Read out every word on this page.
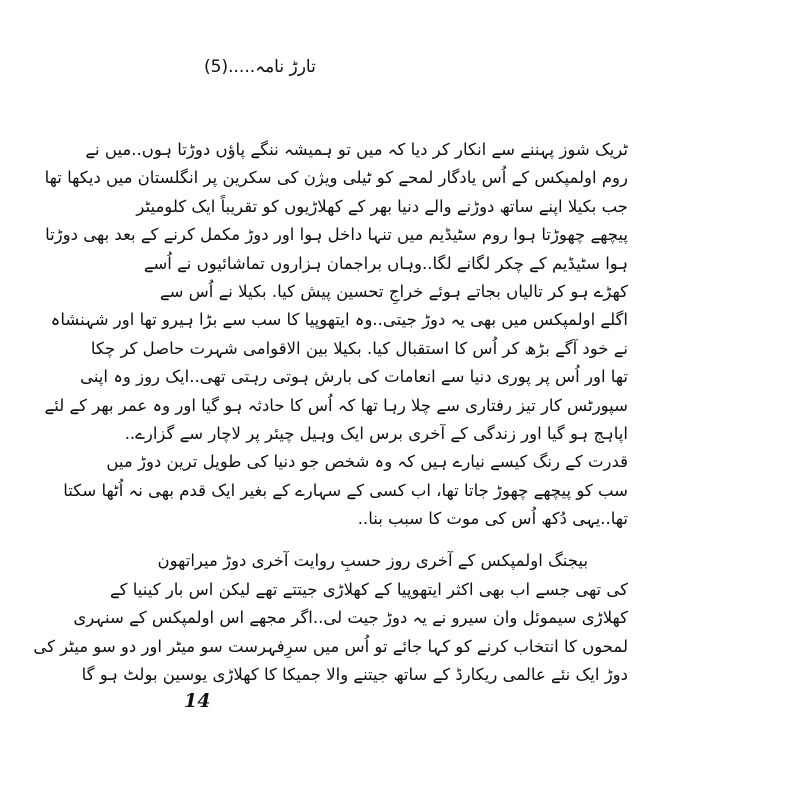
تارڑ نامہ.....(5)
ٹریک شوز پہننے سے انکار کر دیا کہ میں تو ہمیشہ ننگے پاؤں دوڑتا ہوں..میں نے
روم اولمپکس کے اُس یادگار لمحے کو ٹیلی ویژن کی سکرین پر انگلستان میں دیکھا تھا
جب بکیلا اپنے ساتھ دوڑنے والے دنیا بھر کے کھلاڑیوں کو تقریباً ایک کلومیٹر
پیچھے چھوڑتا ہوا روم سٹیڈیم میں تنہا داخل ہوا اور دوڑ مکمل کرنے کے بعد بھی دوڑتا
ہوا سٹیڈیم کے چکر لگانے لگا..وہاں براجمان ہزاروں تماشائیوں نے اُسے
کھڑے ہو کر تالیاں بجاتے ہوئے خراجِ تحسین پیش کیا. بکیلا نے اُس سے
اگلے اولمپکس میں بھی یہ دوڑ جیتی..وہ ایتھوپیا کا سب سے بڑا ہیرو تھا اور شہنشاہ
نے خود آگے بڑھ کر اُس کا استقبال کیا. بکیلا بین الاقوامی شہرت حاصل کر چکا
تھا اور اُس پر پوری دنیا سے انعامات کی بارش ہوتی رہتی تھی..ایک روز وہ اپنی
سپورٹس کار تیز رفتاری سے چلا رہا تھا کہ اُس کا حادثہ ہو گیا اور وہ عمر بھر کے لئے
اپاہج ہو گیا اور زندگی کے آخری برس ایک وہیل چیئر پر لاچار سے گزارے..
قدرت کے رنگ کیسے نیارے ہیں کہ وہ شخص جو دنیا کی طویل ترین دوڑ میں
سب کو پیچھے چھوڑ جاتا تھا، اب کسی کے سہارے کے بغیر ایک قدم بھی نہ اُٹھا سکتا
تھا..یہی دُکھ اُس کی موت کا سبب بنا..
بیجنگ اولمپکس کے آخری روز حسبِ روایت آخری دوڑ میراتھون
کی تھی جسے اب بھی اکثر ایتھوپیا کے کھلاڑی جیتتے تھے لیکن اس بار کینیا کے
کھلاڑی سیموئل وان سیرو نے یہ دوڑ جیت لی..اگر مجھے اس اولمپکس کے سنہری
لمحوں کا انتخاب کرنے کو کہا جائے تو اُس میں سرِفہرست سو میٹر اور دو سو میٹر کی
دوڑ ایک نئے عالمی ریکارڈ کے ساتھ جیتنے والا جمیکا کا کھلاڑی یوسین بولٹ ہو گا
14
